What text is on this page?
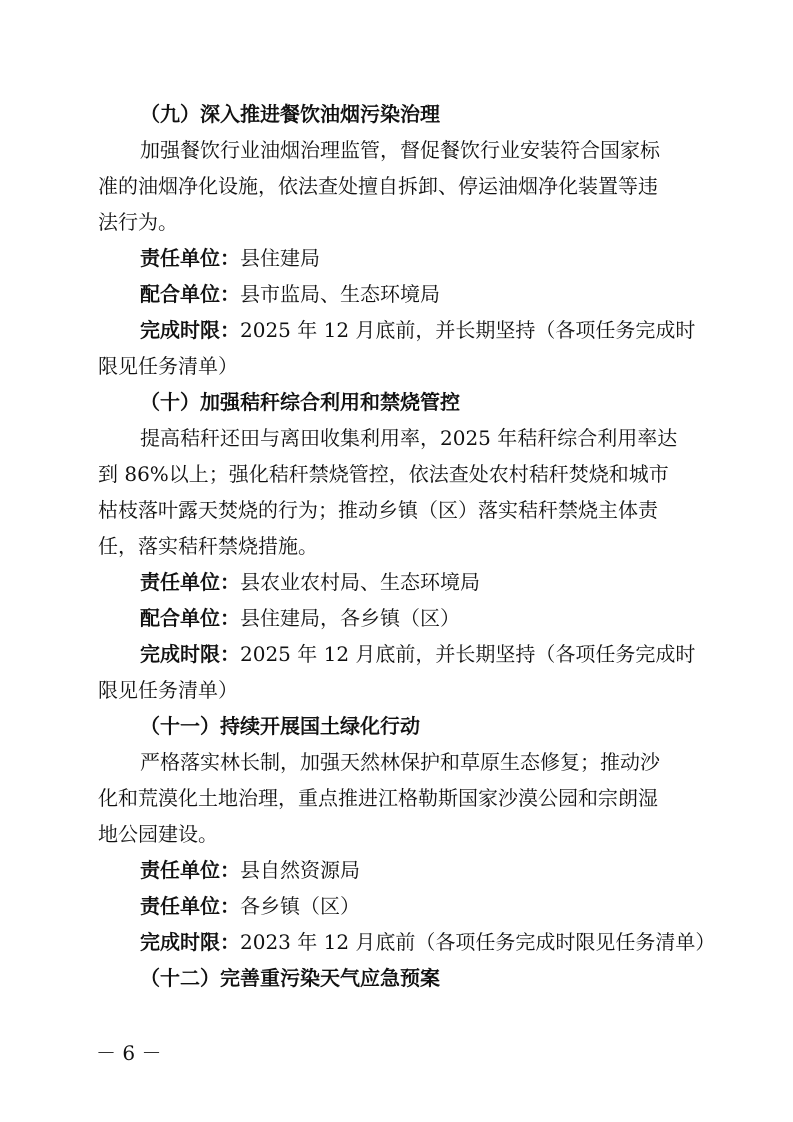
（九）深入推进餐饮油烟污染治理
加强餐饮行业油烟治理监管，督促餐饮行业安装符合国家标
准的油烟净化设施，依法查处擅自拆卸、停运油烟净化装置等违
法行为。
责任单位：县住建局
配合单位：县市监局、生态环境局
完成时限：2025 年 12 月底前，并长期坚持（各项任务完成时
限见任务清单）
（十）加强秸秆综合利用和禁烧管控
提高秸秆还田与离田收集利用率，2025 年秸秆综合利用率达
到 86%以上；强化秸秆禁烧管控，依法查处农村秸秆焚烧和城市
枯枝落叶露天焚烧的行为；推动乡镇（区）落实秸秆禁烧主体责
任，落实秸秆禁烧措施。
责任单位：县农业农村局、生态环境局
配合单位：县住建局，各乡镇（区）
完成时限：2025 年 12 月底前，并长期坚持（各项任务完成时
限见任务清单）
（十一）持续开展国土绿化行动
严格落实林长制，加强天然林保护和草原生态修复；推动沙
化和荒漠化土地治理，重点推进江格勒斯国家沙漠公园和宗朗湿
地公园建设。
责任单位：县自然资源局
责任单位：各乡镇（区）
完成时限：2023 年 12 月底前（各项任务完成时限见任务清单）
（十二）完善重污染天气应急预案
－ 6 －
